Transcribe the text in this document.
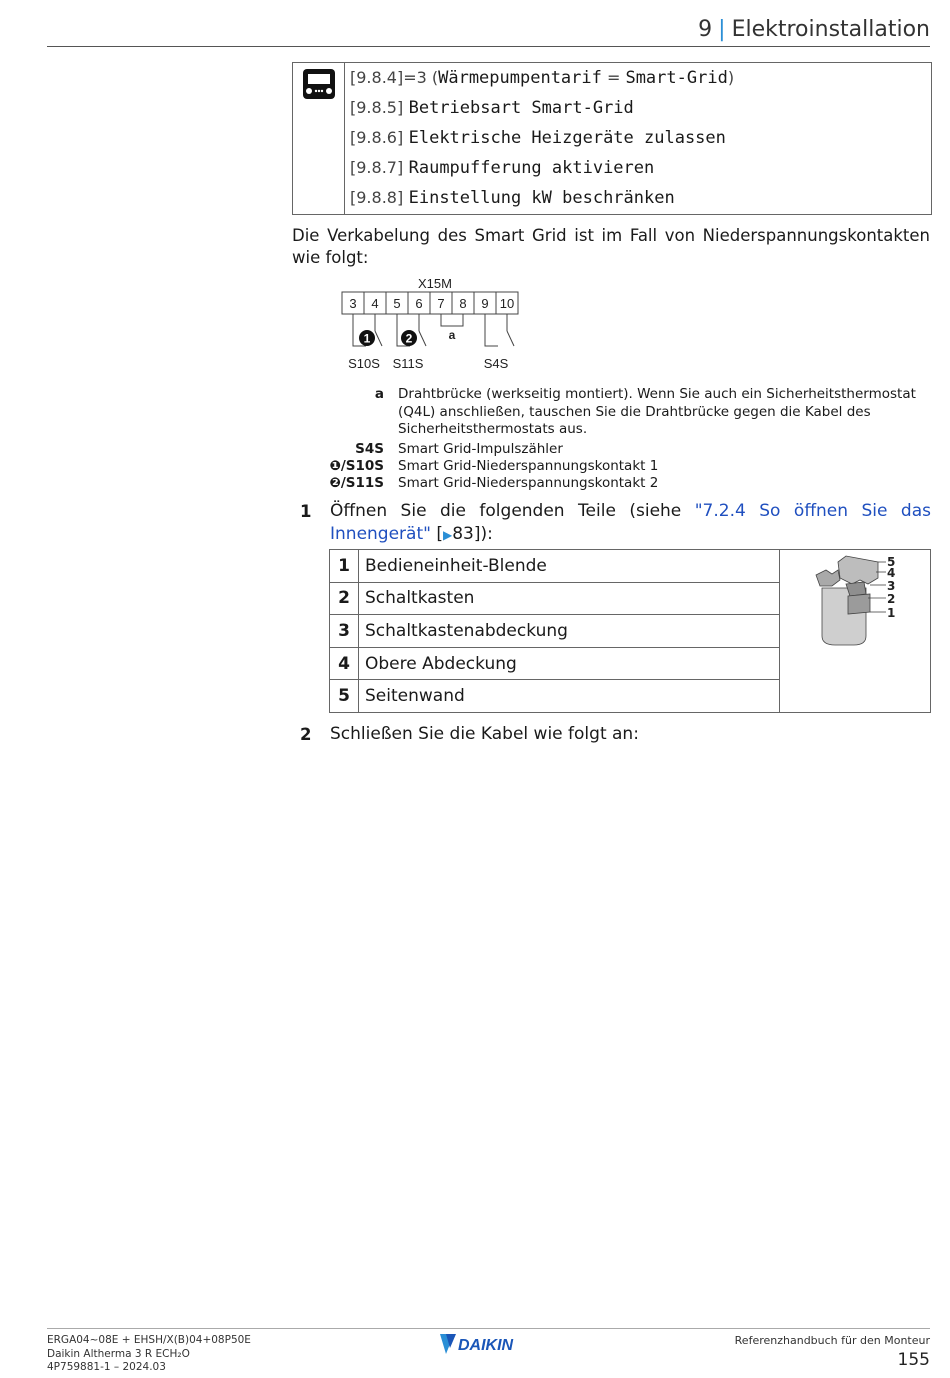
9 | Elektroinstallation
[9.8.4]=3 (Wärmepumpentarif = Smart-Grid)
[9.8.5] Betriebsart Smart-Grid
[9.8.6] Elektrische Heizgeräte zulassen
[9.8.7] Raumpufferung aktivieren
[9.8.8] Einstellung kW beschränken
Die Verkabelung des Smart Grid ist im Fall von Niederspannungskontakten wie folgt:
X15M
3 4 5 6 7 8 9 10
1	2	a
S10S S11S	S4S
a Drahtbrücke (werkseitig montiert). Wenn Sie auch ein Sicherheitsthermostat (Q4L) anschließen, tauschen Sie die Drahtbrücke gegen die Kabel des Sicherheitsthermostats aus.
S4S Smart Grid-Impulszähler
❶/S10S Smart Grid-Niederspannungskontakt 1
❷/S11S Smart Grid-Niederspannungskontakt 2
1 Öffnen Sie die folgenden Teile (siehe "7.2.4 So öffnen Sie das Innengerät" [▶83]):
1	Bedieneinheit-Blende	5
4
3
2
1

2	Schaltkasten	
3	Schaltkastenabdeckung	
4	Obere Abdeckung	
5	Seitenwand	
2 Schließen Sie die Kabel wie folgt an:
ERGA04~08E + EHSH/X(B)04+08P50E
Daikin Altherma 3 R ECH₂O
4P759881-1 – 2024.03
DAIKIN	Referenzhandbuch für den Monteur
155
